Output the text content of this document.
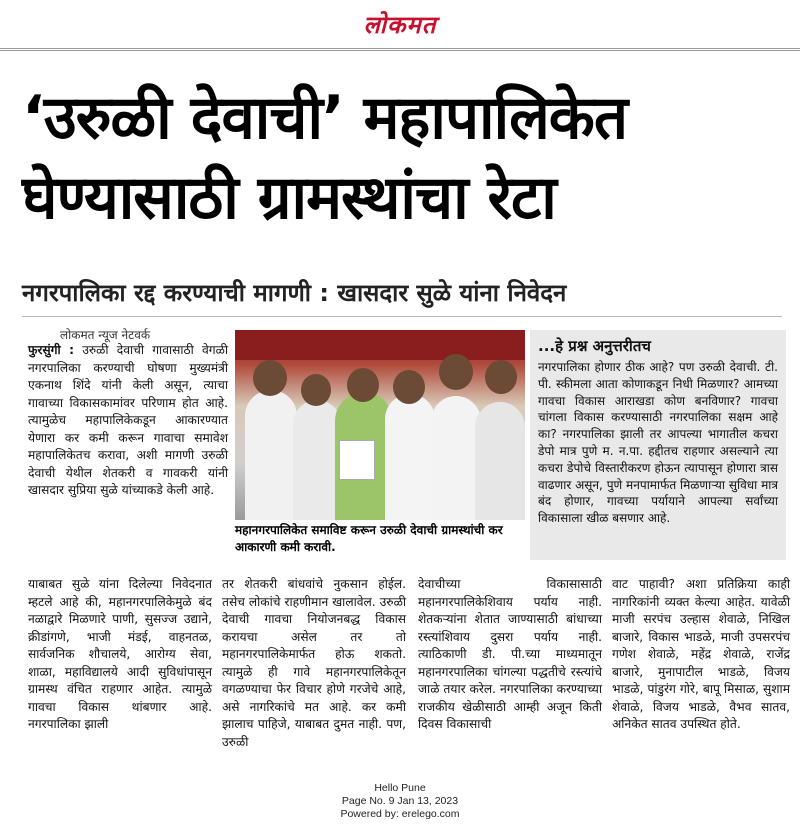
लोकमत
‘उरुळी देवाची’ महापालिकेत
घेण्यासाठी ग्रामस्थांचा रेटा
नगरपालिका रद्द करण्याची मागणी : खासदार सुळे यांना निवेदन
लोकमत न्यूज नेटवर्क
फुरसुंगी : उरुळी देवाची गावासाठी वेगळी नगरपालिका करण्याची घोषणा मुख्यमंत्री एकनाथ शिंदे यांनी केली असून, त्याचा गावाच्या विकासकामांवर परिणाम होत आहे. त्यामुळेच महापालिकेकडून आकारण्यात येणारा कर कमी करून गावाचा समावेश महापालिकेतच करावा, अशी मागणी उरुळी देवाची येथील शेतकरी व गावकरी यांनी खासदार सुप्रिया सुळे यांच्याकडे केली आहे.
महानगरपालिकेत समाविष्ट करून उरुळी देवाची ग्रामस्थांची कर आकारणी कमी करावी.
...हे प्रश्न अनुत्तरीतच
नगरपालिका होणार ठीक आहे? पण उरुळी देवाची. टी. पी. स्कीमला आता कोणाकडून निधी मिळणार? आमच्या गावचा विकास आराखडा कोण बनविणार? गावचा चांगला विकास करण्यासाठी नगरपालिका सक्षम आहे का? नगरपालिका झाली तर आपल्या भागातील कचरा डेपो मात्र पुणे म. न.पा. हद्दीतच राहणार असल्याने त्या कचरा डेपोचे विस्तारीकरण होऊन त्यापासून होणारा त्रास वाढणार असून, पुणे मनपामार्फत मिळणाऱ्या सुविधा मात्र बंद होणार, गावच्या पर्यायाने आपल्या सर्वांच्या विकासाला खीळ बसणार आहे.
याबाबत सुळे यांना दिलेल्या निवेदनात म्हटले आहे की, महानगरपालिकेमुळे बंद नळाद्वारे मिळणारे पाणी, सुसज्ज उद्याने, क्रीडांगणे, भाजी मंडई, वाहनतळ, सार्वजनिक शौचालये, आरोग्य सेवा, शाळा, महाविद्यालये आदी सुविधांपासून ग्रामस्थ वंचित राहणार आहेत. त्यामुळे गावचा विकास थांबणार आहे. नगरपालिका झाली
तर शेतकरी बांधवांचे नुकसान होईल. तसेच लोकांचे राहणीमान खालावेल. उरुळी देवाची गावचा नियोजनबद्ध विकास करायचा असेल तर तो महानगरपालिकेमार्फत होऊ शकतो. त्यामुळे ही गावे महानगरपालिकेतून वगळण्याचा फेर विचार होणे गरजेचे आहे, असे नागरिकांचे मत आहे. कर कमी झालाच पाहिजे, याबाबत दुमत नाही. पण, उरुळी
देवाचीच्या विकासासाठी महानगरपालिकेशिवाय पर्याय नाही. शेतकऱ्यांना शेतात जाण्यासाठी बांधाच्या रस्त्यांशिवाय दुसरा पर्याय नाही. त्याठिकाणी डी. पी.च्या माध्यमातून महानगरपालिका चांगल्या पद्धतीचे रस्त्यांचे जाळे तयार करेल. नगरपालिका करण्याच्या राजकीय खेळीसाठी आम्ही अजून किती दिवस विकासाची
वाट पाहावी? अशा प्रतिक्रिया काही नागरिकांनी व्यक्त केल्या आहेत. यावेळी माजी सरपंच उल्हास शेवाळे, निखिल बाजारे, विकास भाडळे, माजी उपसरपंच गणेश शेवाळे, महेंद्र शेवाळे, राजेंद्र बाजारे, मुनापाटील भाडळे, विजय भाडळे, पांडुरंग गोरे, बापू मिसाळ, सुशाम शेवाळे, विजय भाडळे, वैभव सातव, अनिकेत सातव उपस्थित होते.
Hello Pune
Page No. 9 Jan 13, 2023
Powered by: erelego.com
